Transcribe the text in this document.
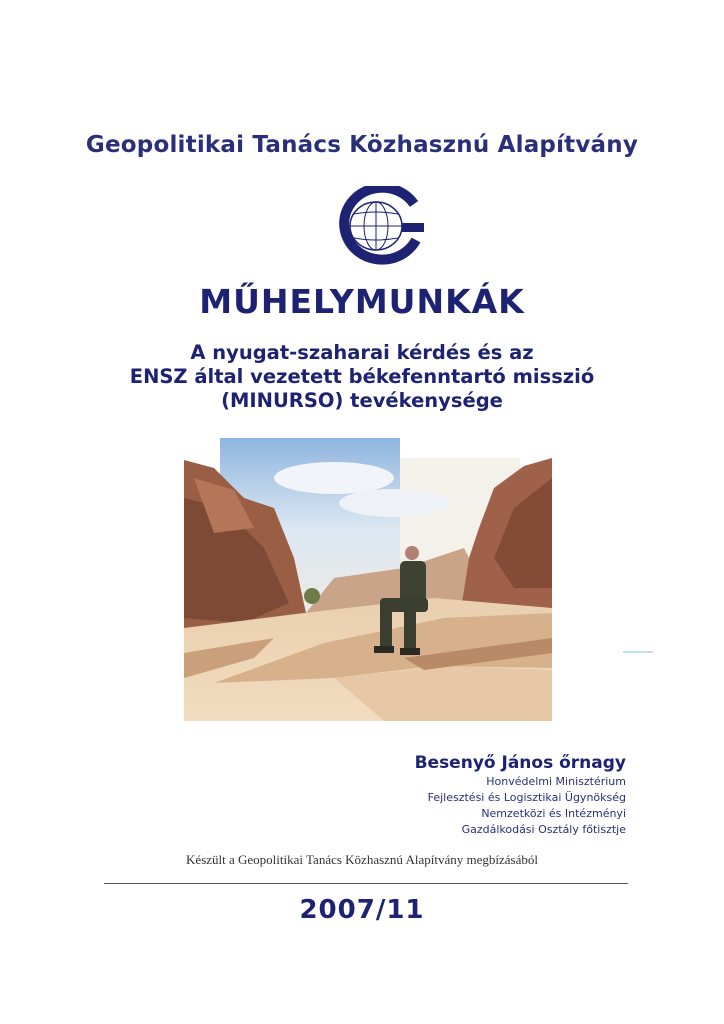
Geopolitikai Tanács Közhasznú Alapítvány
MŰHELYMUNKÁK
A nyugat-szaharai kérdés és az
ENSZ által vezetett békefenntartó misszió
(MINURSO) tevékenysége
Besenyő János őrnagy
Honvédelmi Minisztérium
Fejlesztési és Logisztikai Ügynökség
Nemzetközi és Intézményi
Gazdálkodási Osztály főtisztje
Készült a Geopolitikai Tanács Közhasznú Alapítvány megbízásából
2007/11
